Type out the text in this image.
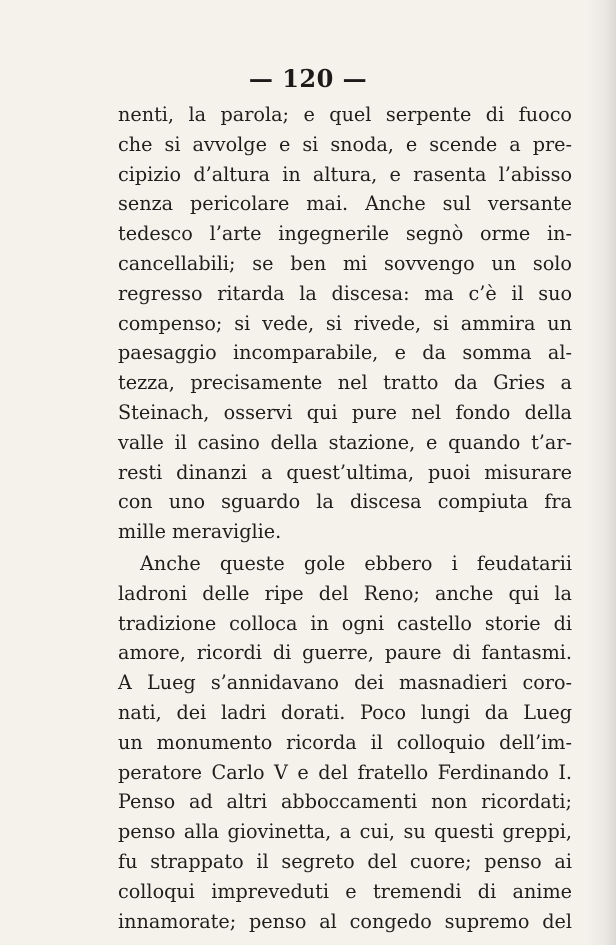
— 120 —
nenti, la parola; e quel serpente di fuoco
che si avvolge e si snoda, e scende a pre-
cipizio d’altura in altura, e rasenta l’abisso
senza pericolare mai. Anche sul versante
tedesco l’arte ingegnerile segnò orme in-
cancellabili; se ben mi sovvengo un solo
regresso ritarda la discesa: ma c’è il suo
compenso; si vede, si rivede, si ammira un
paesaggio incomparabile, e da somma al-
tezza, precisamente nel tratto da Gries a
Steinach, osservi qui pure nel fondo della
valle il casino della stazione, e quando t’ar-
resti dinanzi a quest’ultima, puoi misurare
con uno sguardo la discesa compiuta fra
mille meraviglie.
Anche queste gole ebbero i feudatarii
ladroni delle ripe del Reno; anche qui la
tradizione colloca in ogni castello storie di
amore, ricordi di guerre, paure di fantasmi.
A Lueg s’annidavano dei masnadieri coro-
nati, dei ladri dorati. Poco lungi da Lueg
un monumento ricorda il colloquio dell’im-
peratore Carlo V e del fratello Ferdinando I.
Penso ad altri abboccamenti non ricordati;
penso alla giovinetta, a cui, su questi greppi,
fu strappato il segreto del cuore; penso ai
colloqui impreveduti e tremendi di anime
innamorate; penso al congedo supremo del
